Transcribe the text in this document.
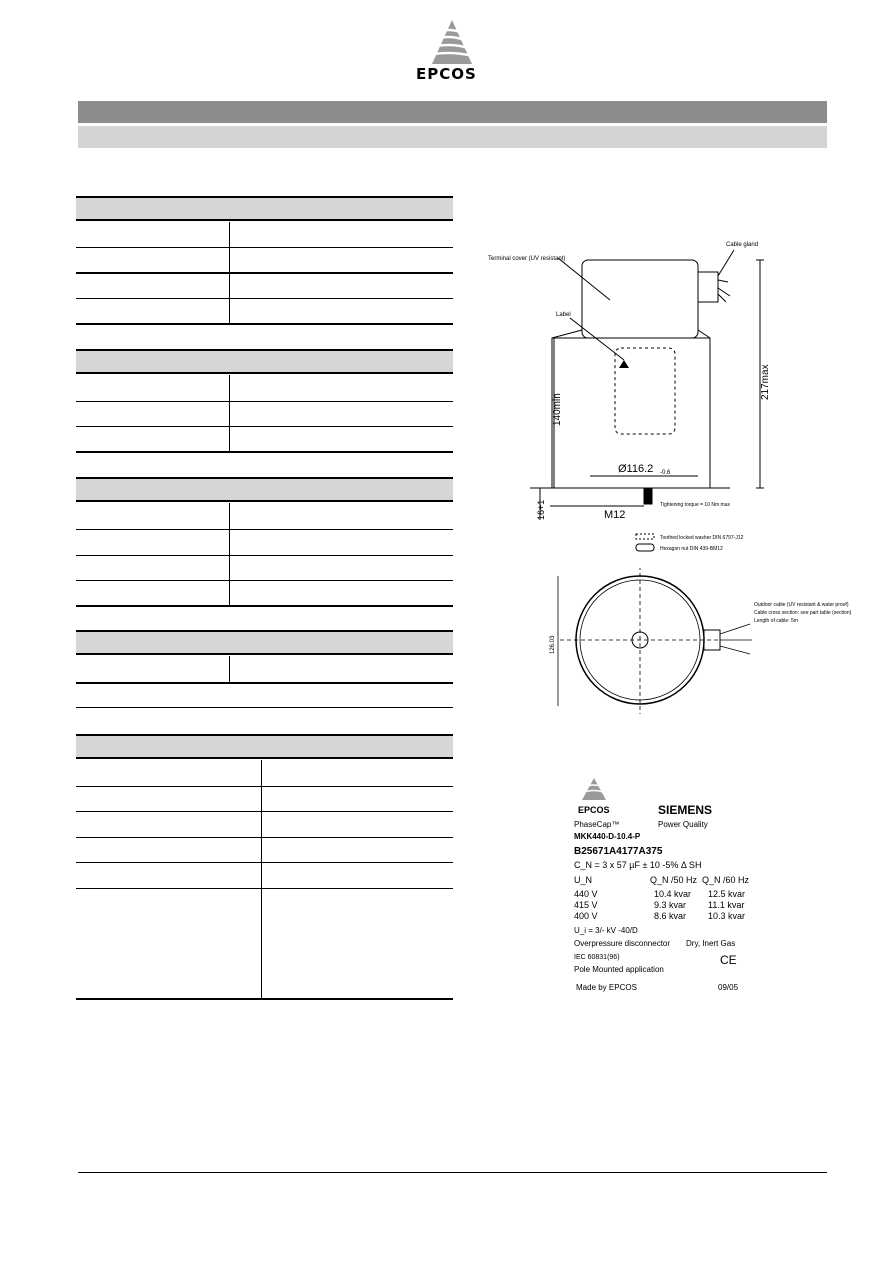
EPCOS
Terminal cover (UV resistant)
Cable gland
Label
140min
217max
Ø116.2 -0.6
16+1	M12
Tightening torque = 10 Nm max
Toothed locked washer DIN 6797-J12
Hexagon nut DIN 439-BM12
126.03
Outdoor cable (UV resistant & water proof)
Cable cross section: see part table (section)
Length of cable: 5m
EPCOS	SIEMENS
PhaseCap™	Power Quality
MKK440-D-10.4-P
B25671A4177A375
C_N = 3 x 57 µF ± 10 -5% Δ SH
U_N	Q_N /50 Hz Q_N /60 Hz
440 V	10.4 kvar 12.5 kvar
415 V	9.3 kvar 11.1 kvar
400 V	8.6 kvar 10.3 kvar
U_i = 3/- kV -40/D
Overpressure disconnector Dry, Inert Gas
IEC 60831(96)	CE
Pole Mounted application
Made by EPCOS	09/05
